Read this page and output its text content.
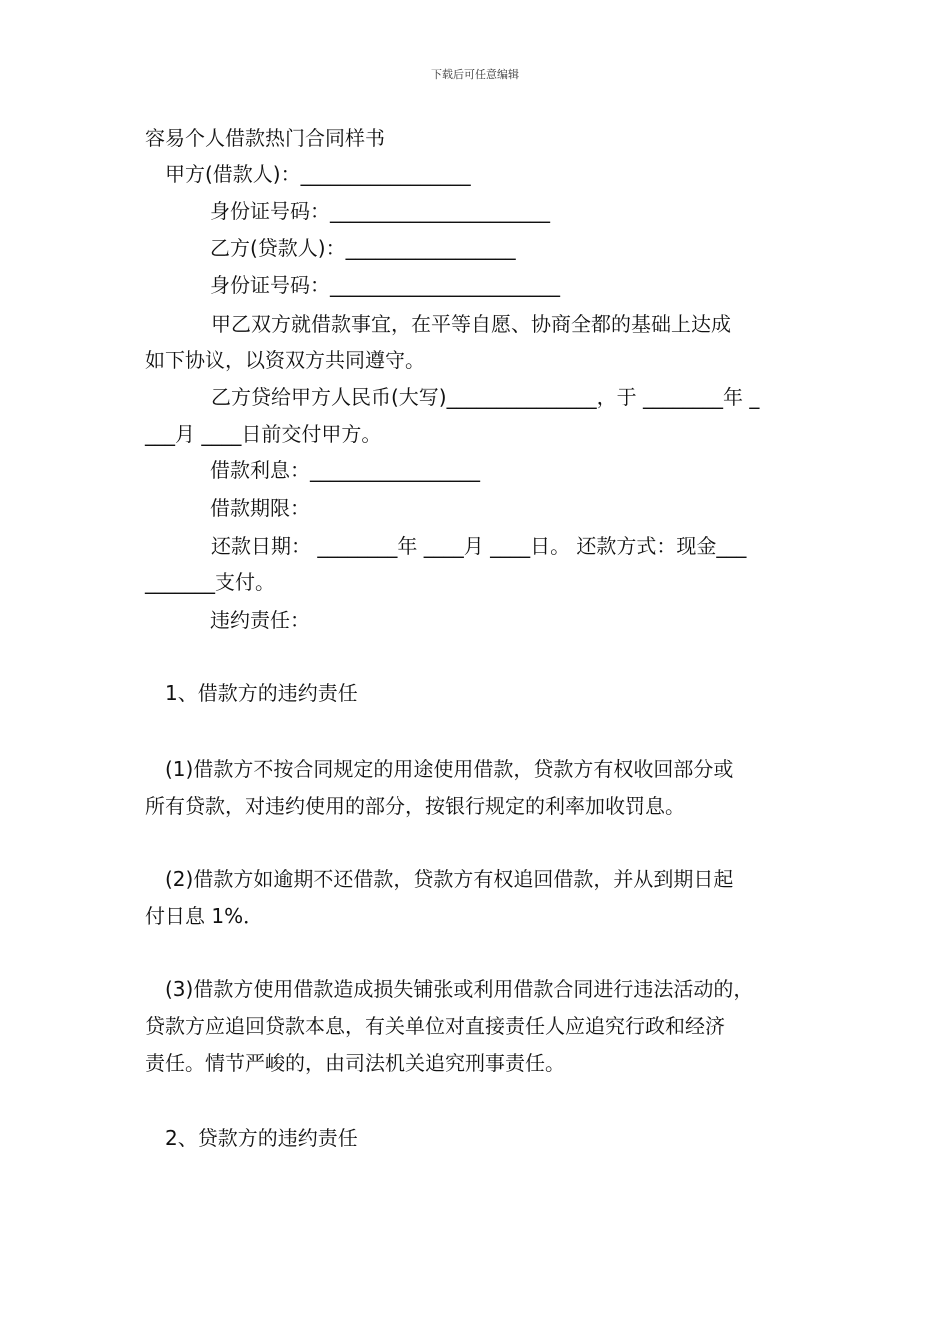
下载后可任意编辑
容易个人借款热门合同样书
甲方(借款人)：_________________
身份证号码：______________________
乙方(贷款人)：_________________
身份证号码：_______________________
甲乙双方就借款事宜，在平等自愿、协商全都的基础上达成
如下协议，以资双方共同遵守。
乙方贷给甲方人民币(大写)_______________，于 ________年 _
___月 ____日前交付甲方。
借款利息：_________________
借款期限：
还款日期： ________年 ____月 ____日。 还款方式：现金___
_______支付。
违约责任：
1、借款方的违约责任
(1)借款方不按合同规定的用途使用借款，贷款方有权收回部分或
所有贷款，对违约使用的部分，按银行规定的利率加收罚息。
(2)借款方如逾期不还借款，贷款方有权追回借款，并从到期日起
付日息 1%．
(3)借款方使用借款造成损失铺张或利用借款合同进行违法活动的，
贷款方应追回贷款本息，有关单位对直接责任人应追究行政和经济
责任。情节严峻的，由司法机关追究刑事责任。
2、贷款方的违约责任
